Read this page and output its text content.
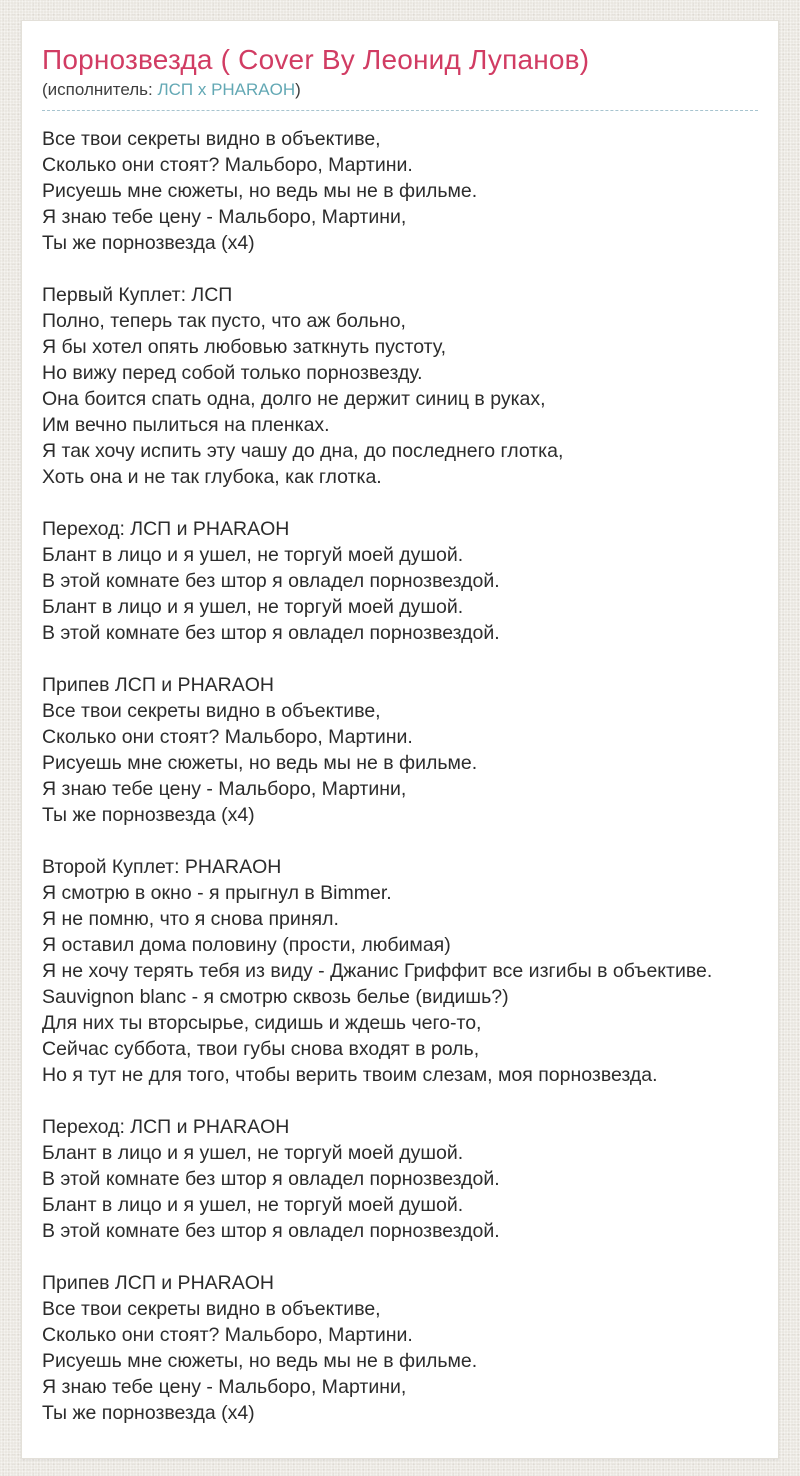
Порнозвезда ( Cover By Леонид Лупанов)
(исполнитель: ЛСП x PHARAOH)

Все твои секреты видно в объективе,
Сколько они стоят? Мальборо, Мартини.
Рисуешь мне сюжеты, но ведь мы не в фильме.
Я знаю тебе цену - Мальборо, Мартини,
Ты же порнозвезда (x4)

Первый Куплет: ЛСП
Полно, теперь так пусто, что аж больно,
Я бы хотел опять любовью заткнуть пустоту,
Но вижу перед собой только порнозвезду.
Она боится спать одна, долго не держит синиц в руках,
Им вечно пылиться на пленках.
Я так хочу испить эту чашу до дна, до последнего глотка,
Хоть она и не так глубока, как глотка.

Переход: ЛСП и PHARAOH
Блант в лицо и я ушел, не торгуй моей душой.
В этой комнате без штор я овладел порнозвездой.
Блант в лицо и я ушел, не торгуй моей душой.
В этой комнате без штор я овладел порнозвездой.

Припев ЛСП и PHARAOH
Все твои секреты видно в объективе,
Сколько они стоят? Мальборо, Мартини.
Рисуешь мне сюжеты, но ведь мы не в фильме.
Я знаю тебе цену - Мальборо, Мартини,
Ты же порнозвезда (x4)

Второй Куплет: PHARAOH
Я смотрю в окно - я прыгнул в Bimmer.
Я не помню, что я снова принял.
Я оставил дома половину (прости, любимая)
Я не хочу терять тебя из виду - Джанис Гриффит все изгибы в объективе.
Sauvignon blanc - я смотрю сквозь белье (видишь?)
Для них ты вторсырье, сидишь и ждешь чего-то,
Сейчас суббота, твои губы снова входят в роль,
Но я тут не для того, чтобы верить твоим слезам, моя порнозвезда.

Переход: ЛСП и PHARAOH
Блант в лицо и я ушел, не торгуй моей душой.
В этой комнате без штор я овладел порнозвездой.
Блант в лицо и я ушел, не торгуй моей душой.
В этой комнате без штор я овладел порнозвездой.

Припев ЛСП и PHARAOH
Все твои секреты видно в объективе,
Сколько они стоят? Мальборо, Мартини.
Рисуешь мне сюжеты, но ведь мы не в фильме.
Я знаю тебе цену - Мальборо, Мартини,
Ты же порнозвезда (x4)
